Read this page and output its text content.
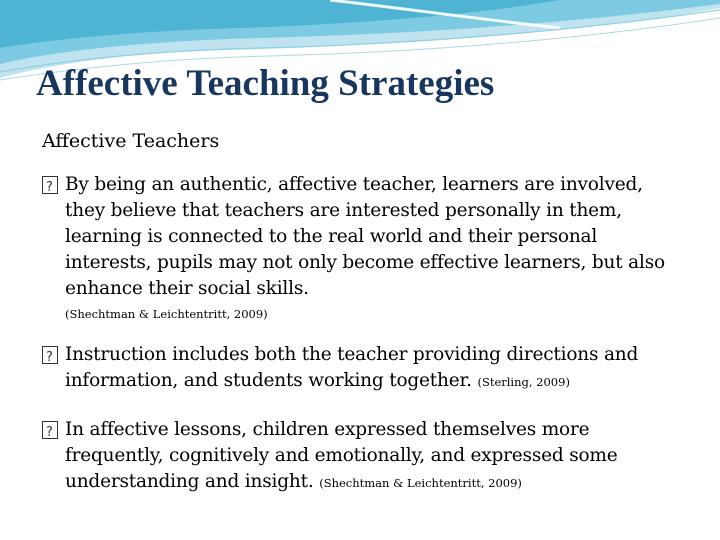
Affective Teaching Strategies
Affective Teachers
?
By being an authentic, affective teacher, learners are involved, they believe that teachers are interested personally in them, learning is connected to the real world and their personal interests, pupils may not only become effective learners, but also enhance their social skills.
(Shechtman & Leichtentritt, 2009)
?
Instruction includes both the teacher providing directions and information, and students working together. (Sterling, 2009)
?
In affective lessons, children expressed themselves more frequently, cognitively and emotionally, and expressed some understanding and insight. (Shechtman & Leichtentritt, 2009)
